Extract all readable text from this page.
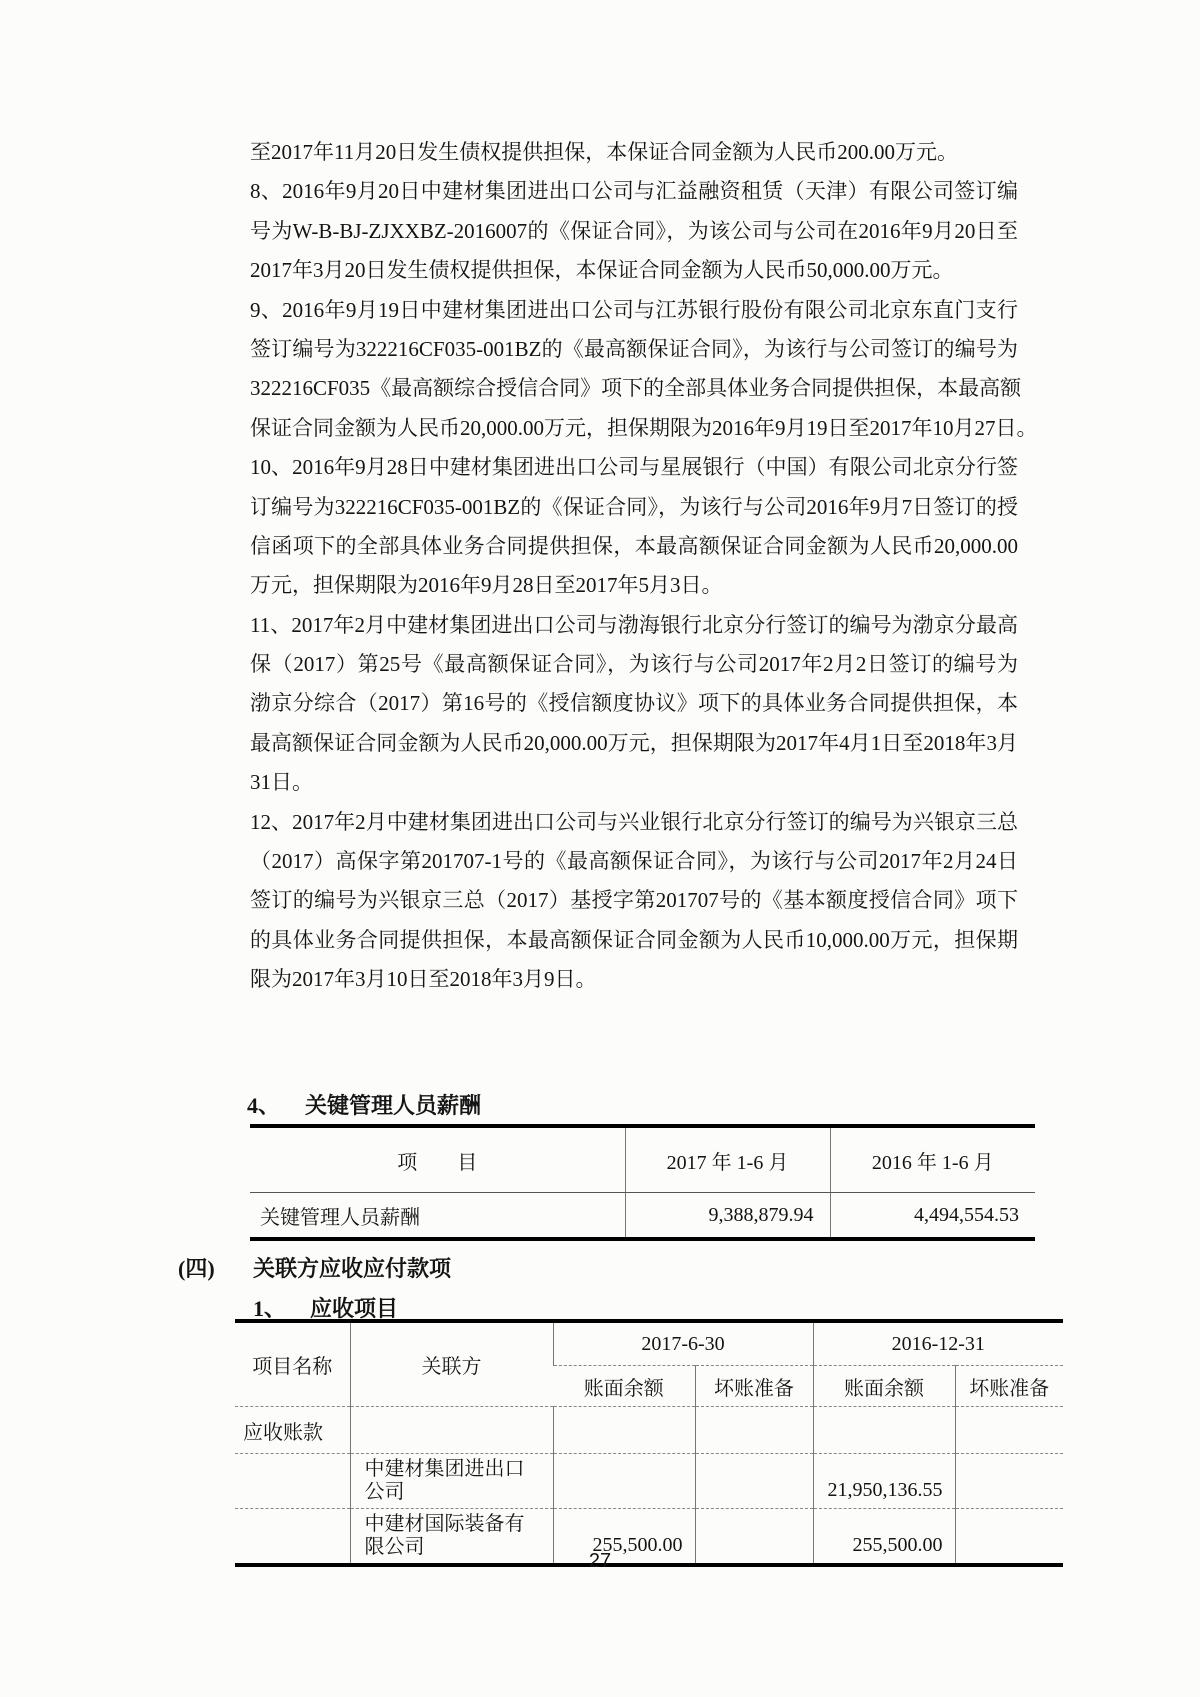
至2017年11月20日发生债权提供担保，本保证合同金额为人民币200.00万元。
8、2016年9月20日中建材集团进出口公司与汇益融资租赁（天津）有限公司签订编
号为W-B-BJ-ZJXXBZ-2016007的《保证合同》，为该公司与公司在2016年9月20日至
2017年3月20日发生债权提供担保，本保证合同金额为人民币50,000.00万元。
9、2016年9月19日中建材集团进出口公司与江苏银行股份有限公司北京东直门支行
签订编号为322216CF035-001BZ的《最高额保证合同》，为该行与公司签订的编号为
322216CF035《最高额综合授信合同》项下的全部具体业务合同提供担保，本最高额
保证合同金额为人民币20,000.00万元，担保期限为2016年9月19日至2017年10月27日。
10、2016年9月28日中建材集团进出口公司与星展银行（中国）有限公司北京分行签
订编号为322216CF035-001BZ的《保证合同》，为该行与公司2016年9月7日签订的授
信函项下的全部具体业务合同提供担保，本最高额保证合同金额为人民币20,000.00
万元，担保期限为2016年9月28日至2017年5月3日。
11、2017年2月中建材集团进出口公司与渤海银行北京分行签订的编号为渤京分最高
保（2017）第25号《最高额保证合同》，为该行与公司2017年2月2日签订的编号为
渤京分综合（2017）第16号的《授信额度协议》项下的具体业务合同提供担保，本
最高额保证合同金额为人民币20,000.00万元，担保期限为2017年4月1日至2018年3月
31日。
12、2017年2月中建材集团进出口公司与兴业银行北京分行签订的编号为兴银京三总
（2017）高保字第201707-1号的《最高额保证合同》，为该行与公司2017年2月24日
签订的编号为兴银京三总（2017）基授字第201707号的《基本额度授信合同》项下
的具体业务合同提供担保，本最高额保证合同金额为人民币10,000.00万元，担保期
限为2017年3月10日至2018年3月9日。
4、 关键管理人员薪酬
项　　目	2017 年 1-6 月	2016 年 1-6 月
关键管理人员薪酬	9,388,879.94	4,494,554.53
(四) 关联方应收应付款项
1、 应收项目
项目名称	关联方	2017-6-30		2016-12-31	
		账面余额	坏账准备	账面余额	坏账准备
应收账款					
	中建材集团进出口公司			21,950,136.55	
	中建材国际装备有限公司	255,500.00		255,500.00	
27
